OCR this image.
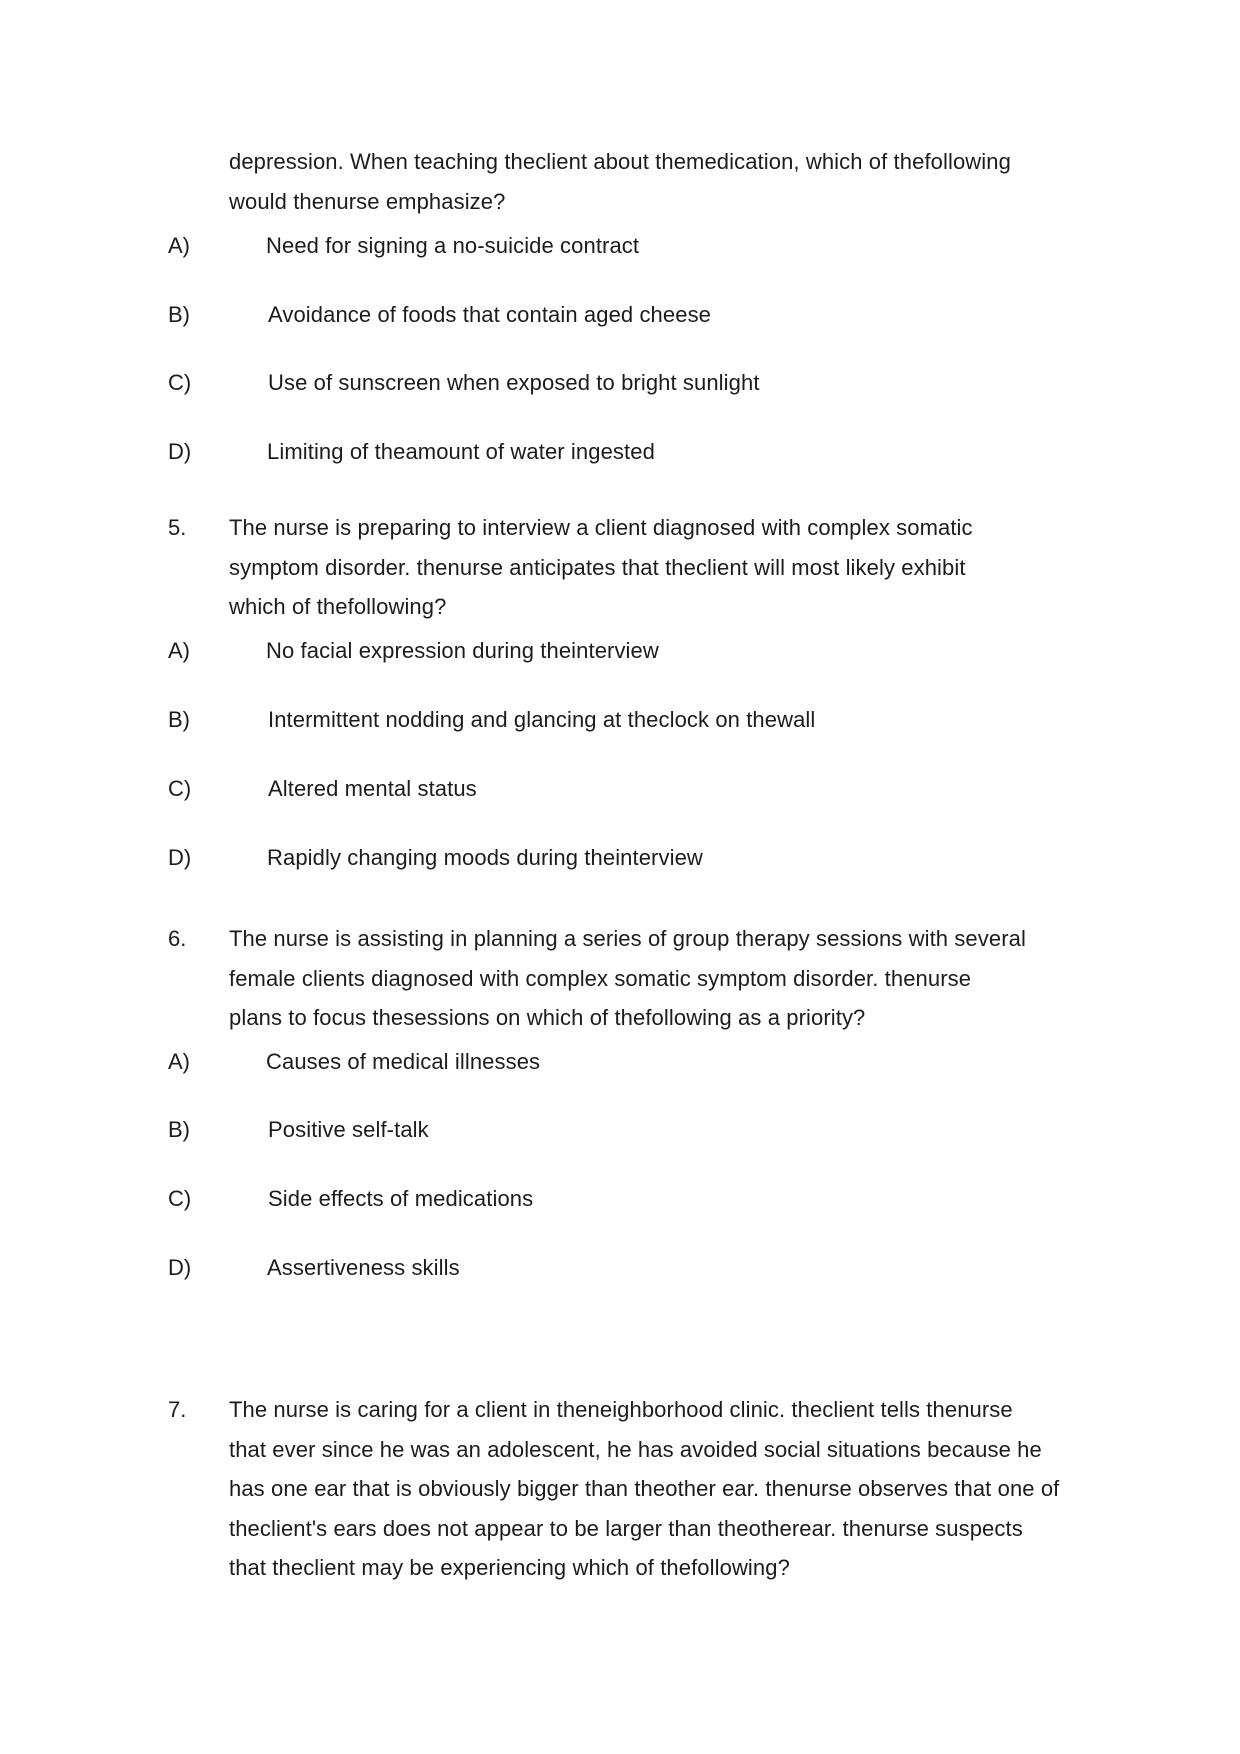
depression. When teaching theclient about themedication, which of thefollowing
would thenurse emphasize?
A)	Need for signing a no-suicide contract
B)	Avoidance of foods that contain aged cheese
C)	Use of sunscreen when exposed to bright sunlight
D)	Limiting of theamount of water ingested
5. The nurse is preparing to interview a client diagnosed with complex somatic
symptom disorder. thenurse anticipates that theclient will most likely exhibit
which of thefollowing?
A)	No facial expression during theinterview
B)	Intermittent nodding and glancing at theclock on thewall
C)	Altered mental status
D)	Rapidly changing moods during theinterview
6. The nurse is assisting in planning a series of group therapy sessions with several
female clients diagnosed with complex somatic symptom disorder. thenurse
plans to focus thesessions on which of thefollowing as a priority?
A)	Causes of medical illnesses
B)	Positive self-talk
C)	Side effects of medications
D)	Assertiveness skills
7. The nurse is caring for a client in theneighborhood clinic. theclient tells thenurse
that ever since he was an adolescent, he has avoided social situations because he
has one ear that is obviously bigger than theother ear. thenurse observes that one of
theclient's ears does not appear to be larger than theotherear. thenurse suspects
that theclient may be experiencing which of thefollowing?
